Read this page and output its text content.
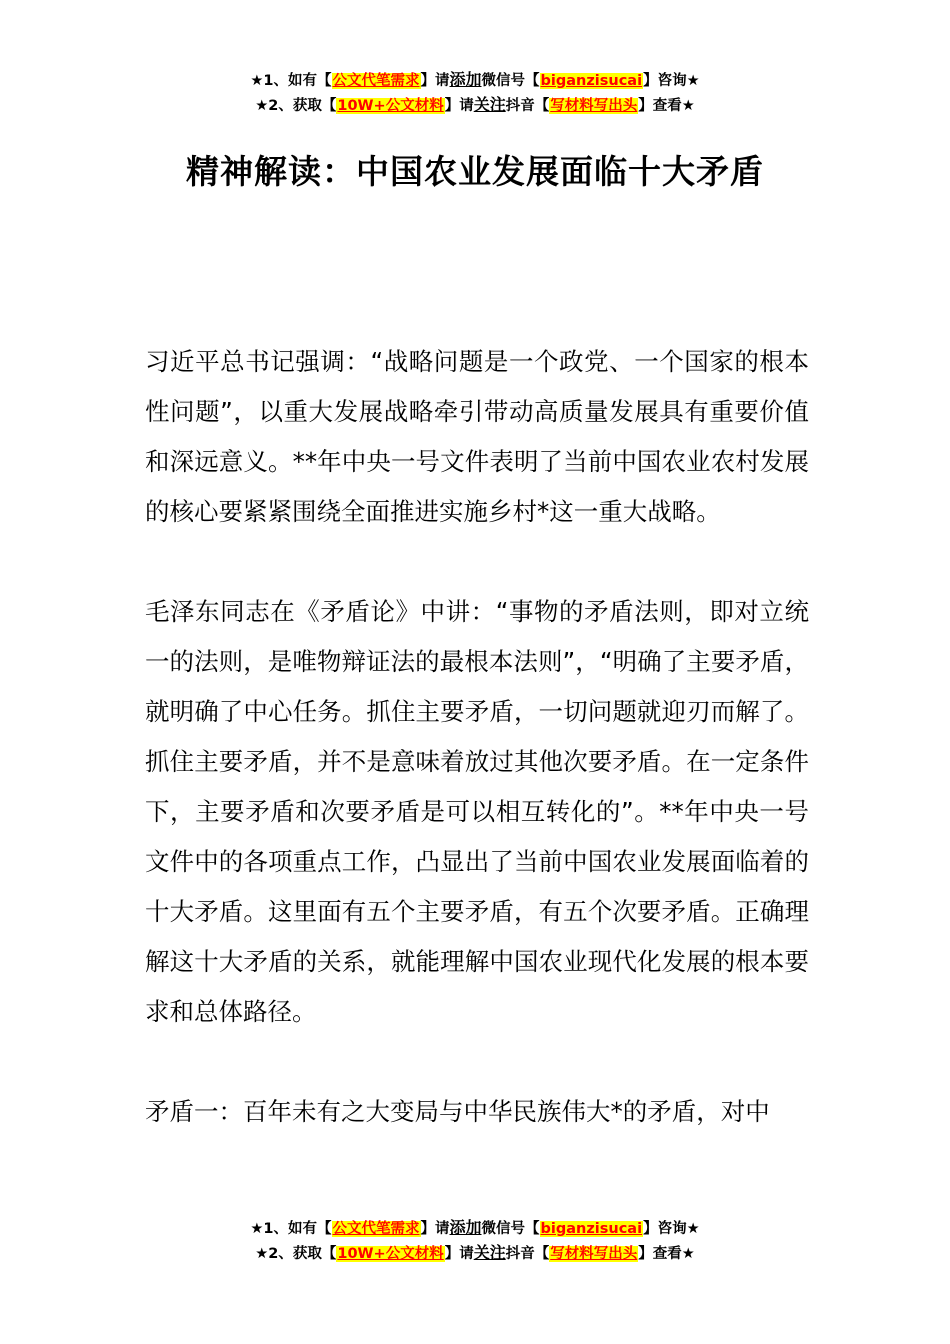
★1、如有【公文代笔需求】请添加微信号【biganzisucai】咨询★
★2、获取【10W+公文材料】请关注抖音【写材料写出头】查看★
精神解读：中国农业发展面临十大矛盾

习近平总书记强调：“战略问题是一个政党、一个国家的根本性问题”，以重大发展战略牵引带动高质量发展具有重要价值和深远意义。**年中央一号文件表明了当前中国农业农村发展的核心要紧紧围绕全面推进实施乡村*这一重大战略。

毛泽东同志在《矛盾论》中讲：“事物的矛盾法则，即对立统一的法则，是唯物辩证法的最根本法则”，“明确了主要矛盾，就明确了中心任务。抓住主要矛盾，一切问题就迎刃而解了。抓住主要矛盾，并不是意味着放过其他次要矛盾。在一定条件下，主要矛盾和次要矛盾是可以相互转化的”。**年中央一号文件中的各项重点工作，凸显出了当前中国农业发展面临着的十大矛盾。这里面有五个主要矛盾，有五个次要矛盾。正确理解这十大矛盾的关系，就能理解中国农业现代化发展的根本要求和总体路径。

矛盾一：百年未有之大变局与中华民族伟大*的矛盾，对中

★1、如有【公文代笔需求】请添加微信号【biganzisucai】咨询★
★2、获取【10W+公文材料】请关注抖音【写材料写出头】查看★
